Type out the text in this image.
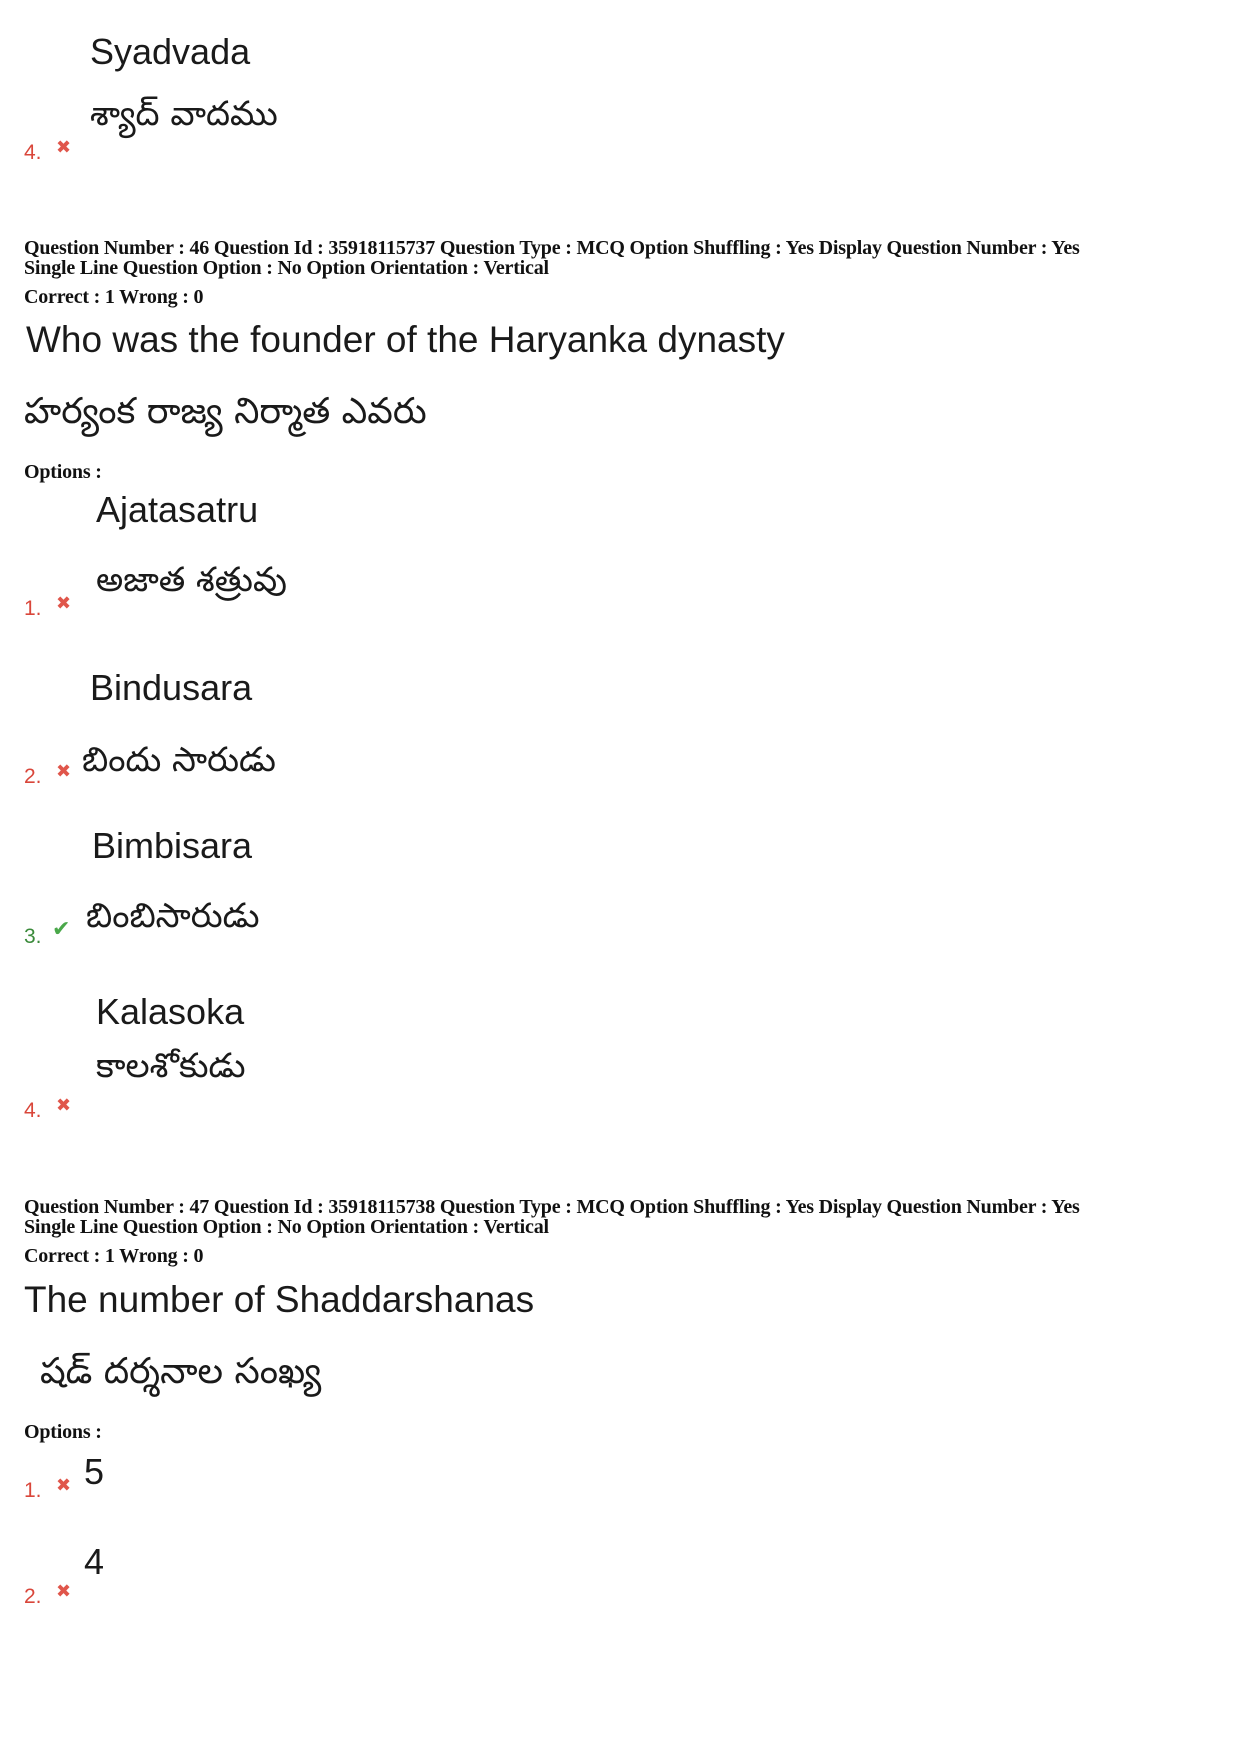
Syadvada
శ్యాద్ వాదము
4. ✖
Question Number : 46 Question Id : 35918115737 Question Type : MCQ Option Shuffling : Yes Display Question Number : Yes
Single Line Question Option : No Option Orientation : Vertical
Correct : 1 Wrong : 0
Who was the founder of the Haryanka dynasty
హర్యంక రాజ్య నిర్మాత ఎవరు
Options :
Ajatasatru
అజాత శత్రువు
1. ✖
Bindusara
బిందు సారుడు
2. ✖
Bimbisara
బింబిసారుడు
3. ✔
Kalasoka
కాలశోకుడు
4. ✖
Question Number : 47 Question Id : 35918115738 Question Type : MCQ Option Shuffling : Yes Display Question Number : Yes
Single Line Question Option : No Option Orientation : Vertical
Correct : 1 Wrong : 0
The number of Shaddarshanas
షడ్ దర్శనాల సంఖ్య
Options :
5
1. ✖
4
2. ✖
